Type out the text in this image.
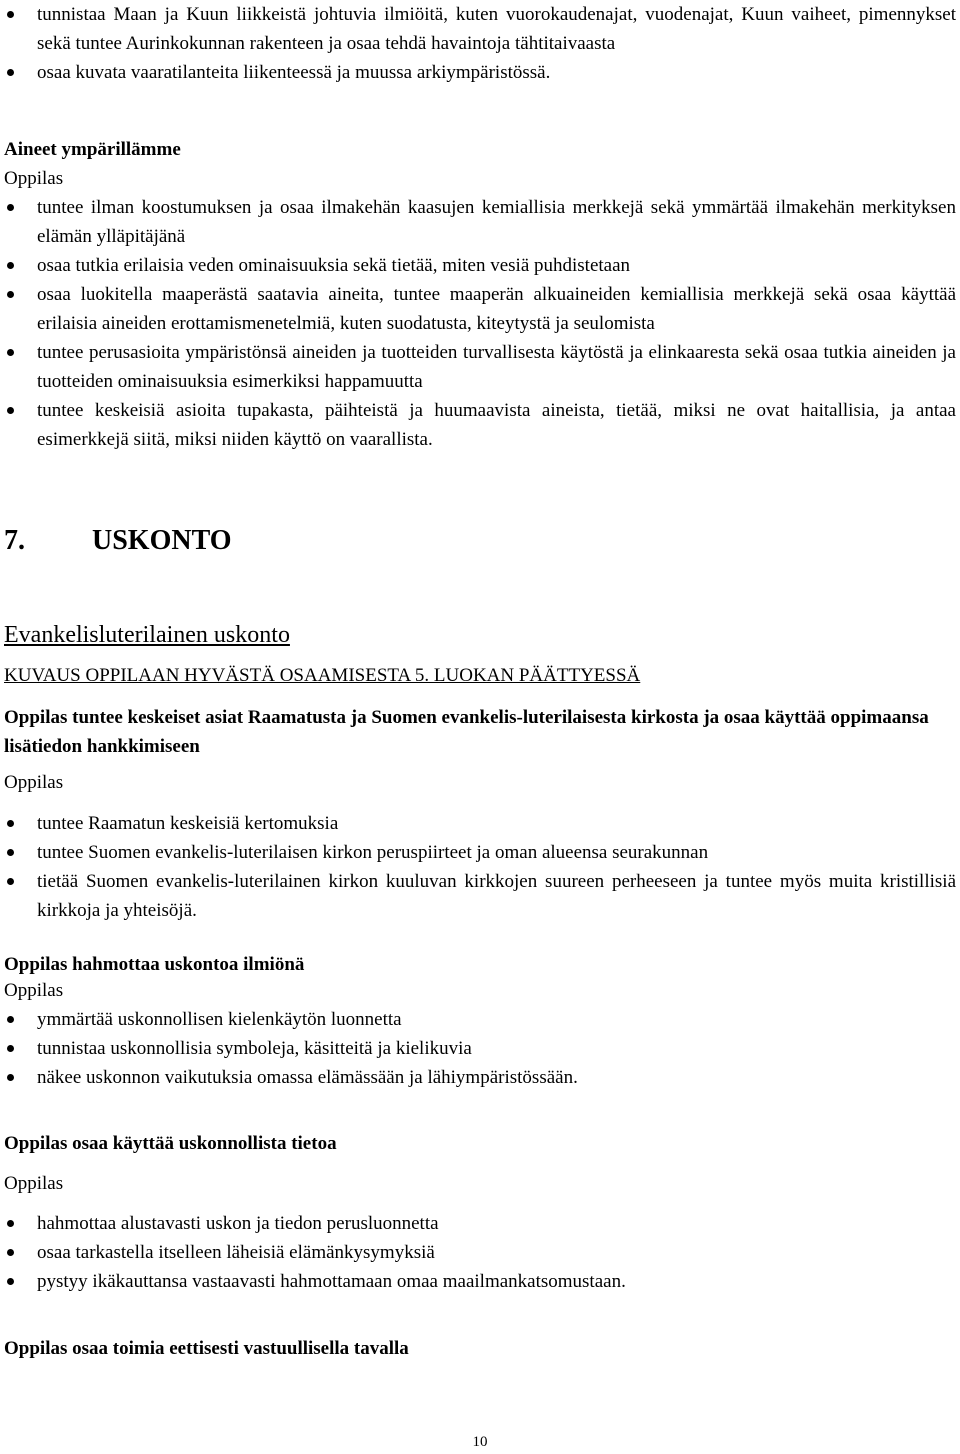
tunnistaa Maan ja Kuun liikkeistä johtuvia ilmiöitä, kuten vuorokaudenajat, vuodenajat, Kuun vaiheet, pimennykset sekä tuntee Aurinkokunnan rakenteen ja osaa tehdä havaintoja tähtitaivaasta
osaa kuvata vaaratilanteita liikenteessä ja muussa arkiympäristössä.
Aineet ympärillämme
Oppilas
tuntee ilman koostumuksen ja osaa ilmakehän kaasujen kemiallisia merkkejä sekä ymmärtää ilmakehän merkityksen elämän ylläpitäjänä
osaa tutkia erilaisia veden ominaisuuksia sekä tietää, miten vesiä puhdistetaan
osaa luokitella maaperästä saatavia aineita, tuntee maaperän alkuaineiden kemiallisia merkkejä sekä osaa käyttää erilaisia aineiden erottamismenetelmiä, kuten suodatusta, kiteytystä ja seulomista
tuntee perusasioita ympäristönsä aineiden ja tuotteiden turvallisesta käytöstä ja elinkaaresta sekä osaa tutkia aineiden ja tuotteiden ominaisuuksia esimerkiksi happamuutta
tuntee keskeisiä asioita tupakasta, päihteistä ja huumaavista aineista, tietää, miksi ne ovat haitallisia, ja antaa esimerkkejä siitä, miksi niiden käyttö on vaarallista.
7. USKONTO
Evankelisluterilainen uskonto
KUVAUS OPPILAAN HYVÄSTÄ OSAAMISESTA 5. LUOKAN PÄÄTTYESSÄ
Oppilas tuntee keskeiset asiat Raamatusta ja Suomen evankelis-luterilaisesta kirkosta ja osaa käyttää oppimaansa lisätiedon hankkimiseen
Oppilas
tuntee Raamatun keskeisiä kertomuksia
tuntee Suomen evankelis-luterilaisen kirkon peruspiirteet ja oman alueensa seurakunnan
tietää Suomen evankelis-luterilainen kirkon kuuluvan kirkkojen suureen perheeseen ja tuntee myös muita kristillisiä kirkkoja ja yhteisöjä.
Oppilas hahmottaa uskontoa ilmiönä
Oppilas
ymmärtää uskonnollisen kielenkäytön luonnetta
tunnistaa uskonnollisia symboleja, käsitteitä ja kielikuvia
näkee uskonnon vaikutuksia omassa elämässään ja lähiympäristössään.
Oppilas osaa käyttää uskonnollista tietoa
Oppilas
hahmottaa alustavasti uskon ja tiedon perusluonnetta
osaa tarkastella itselleen läheisiä elämänkysymyksiä
pystyy ikäkauttansa vastaavasti hahmottamaan omaa maailmankatsomustaan.
Oppilas osaa toimia eettisesti vastuullisella tavalla
10
